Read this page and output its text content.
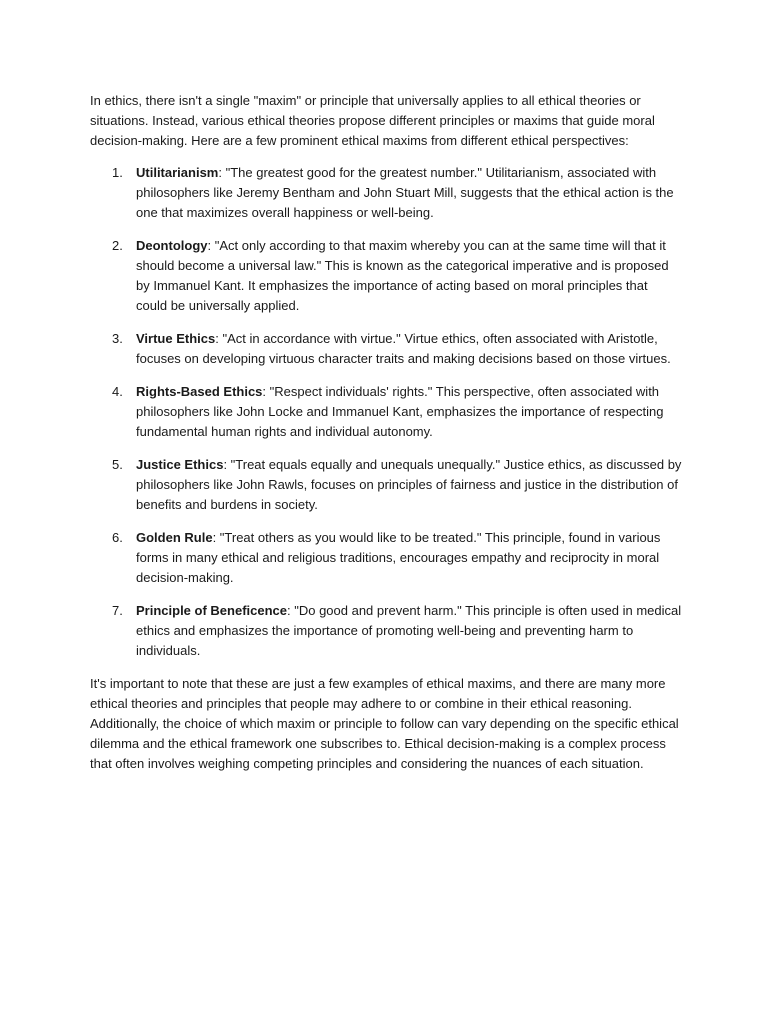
In ethics, there isn't a single "maxim" or principle that universally applies to all ethical theories or situations. Instead, various ethical theories propose different principles or maxims that guide moral decision-making. Here are a few prominent ethical maxims from different ethical perspectives:

1. Utilitarianism: "The greatest good for the greatest number." Utilitarianism, associated with philosophers like Jeremy Bentham and John Stuart Mill, suggests that the ethical action is the one that maximizes overall happiness or well-being.
2. Deontology: "Act only according to that maxim whereby you can at the same time will that it should become a universal law." This is known as the categorical imperative and is proposed by Immanuel Kant. It emphasizes the importance of acting based on moral principles that could be universally applied.
3. Virtue Ethics: "Act in accordance with virtue." Virtue ethics, often associated with Aristotle, focuses on developing virtuous character traits and making decisions based on those virtues.
4. Rights-Based Ethics: "Respect individuals' rights." This perspective, often associated with philosophers like John Locke and Immanuel Kant, emphasizes the importance of respecting fundamental human rights and individual autonomy.
5. Justice Ethics: "Treat equals equally and unequals unequally." Justice ethics, as discussed by philosophers like John Rawls, focuses on principles of fairness and justice in the distribution of benefits and burdens in society.
6. Golden Rule: "Treat others as you would like to be treated." This principle, found in various forms in many ethical and religious traditions, encourages empathy and reciprocity in moral decision-making.
7. Principle of Beneficence: "Do good and prevent harm." This principle is often used in medical ethics and emphasizes the importance of promoting well-being and preventing harm to individuals.

It's important to note that these are just a few examples of ethical maxims, and there are many more ethical theories and principles that people may adhere to or combine in their ethical reasoning. Additionally, the choice of which maxim or principle to follow can vary depending on the specific ethical dilemma and the ethical framework one subscribes to. Ethical decision-making is a complex process that often involves weighing competing principles and considering the nuances of each situation.
